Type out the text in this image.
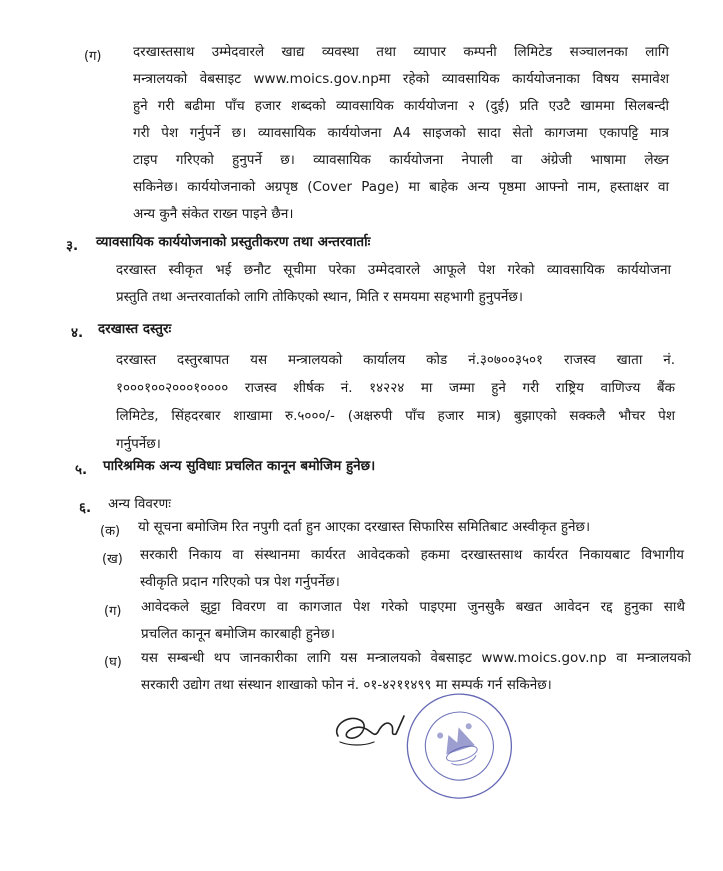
(ग) दरखास्तसाथ उम्मेदवारले खाद्य व्यवस्था तथा व्यापार कम्पनी लिमिटेड सञ्चालनका लागि
मन्त्रालयको वेबसाइट www.moics.gov.npमा रहेको व्यावसायिक कार्ययोजनाका विषय समावेश
हुने गरी बढीमा पाँच हजार शब्दको व्यावसायिक कार्ययोजना २ (दुई) प्रति एउटै खाममा सिलबन्दी
गरी पेश गर्नुपर्ने छ। व्यावसायिक कार्ययोजना A4 साइजको सादा सेतो कागजमा एकापट्टि मात्र
टाइप गरिएको हुनुपर्ने छ। व्यावसायिक कार्ययोजना नेपाली वा अंग्रेजी भाषामा लेख्न
सकिनेछ। कार्ययोजनाको अग्रपृष्ठ (Cover Page) मा बाहेक अन्य पृष्ठमा आफ्नो नाम, हस्ताक्षर वा
अन्य कुनै संकेत राख्न पाइने छैन।
३. व्यावसायिक कार्ययोजनाको प्रस्तुतीकरण तथा अन्तरवार्ताः
दरखास्त स्वीकृत भई छनौट सूचीमा परेका उम्मेदवारले आफूले पेश गरेको व्यावसायिक कार्ययोजना
प्रस्तुति तथा अन्तरवार्ताको लागि तोकिएको स्थान, मिति र समयमा सहभागी हुनुपर्नेछ।
४. दरखास्त दस्तुरः
दरखास्त दस्तुरबापत यस मन्त्रालयको कार्यालय कोड नं.३०७००३५०१ राजस्व खाता नं.
१०००१००२०००१०००० राजस्व शीर्षक नं. १४२२४ मा जम्मा हुने गरी राष्ट्रिय वाणिज्य बैंक
लिमिटेड, सिंहदरबार शाखामा रु.५०००/- (अक्षरुपी पाँच हजार मात्र) बुझाएको सक्कलै भौचर पेश
गर्नुपर्नेछ।
५. पारिश्रमिक अन्य सुविधाः प्रचलित कानून बमोजिम हुनेछ।
६. अन्य विवरणः
(क) यो सूचना बमोजिम रित नपुगी दर्ता हुन आएका दरखास्त सिफारिस समितिबाट अस्वीकृत हुनेछ।
(ख) सरकारी निकाय वा संस्थानमा कार्यरत आवेदकको हकमा दरखास्तसाथ कार्यरत निकायबाट विभागीय
स्वीकृति प्रदान गरिएको पत्र पेश गर्नुपर्नेछ।
(ग) आवेदकले झुट्टा विवरण वा कागजात पेश गरेको पाइएमा जुनसुकै बखत आवेदन रद्द हुनुका साथै
प्रचलित कानून बमोजिम कारबाही हुनेछ।
(घ) यस सम्बन्धी थप जानकारीका लागि यस मन्त्रालयको वेबसाइट www.moics.gov.np वा मन्त्रालयको
सरकारी उद्योग तथा संस्थान शाखाको फोन नं. ०१-४२११४९९ मा सम्पर्क गर्न सकिनेछ।
